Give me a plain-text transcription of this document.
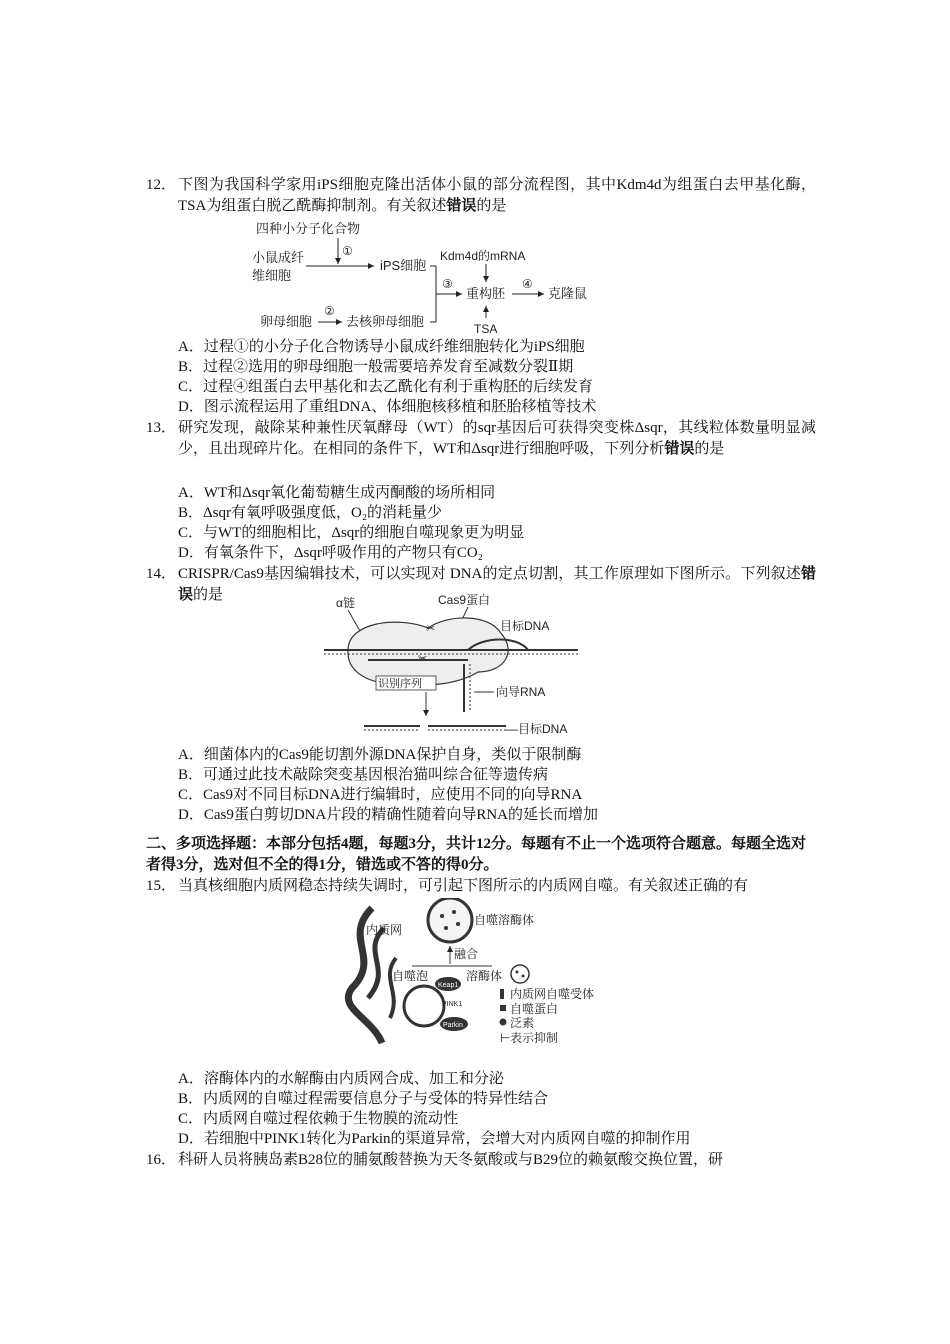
12． 下图为我国科学家用iPS细胞克隆出活体小鼠的部分流程图，其中Kdm4d为组蛋白去甲基化酶，TSA为组蛋白脱乙酰酶抑制剂。有关叙述错误的是
四种小分子化合物
①
小鼠成纤
维细胞
iPS细胞
③
Kdm4d的mRNA
重构胚
④
克隆鼠
TSA
卵母细胞
②
去核卵母细胞
A．过程①的小分子化合物诱导小鼠成纤维细胞转化为iPS细胞
B．过程②选用的卵母细胞一般需要培养发育至减数分裂Ⅱ期
C．过程④组蛋白去甲基化和去乙酰化有利于重构胚的后续发育
D．图示流程运用了重组DNA、体细胞核移植和胚胎移植等技术
13． 研究发现，敲除某种兼性厌氧酵母（WT）的sqr基因后可获得突变株Δsqr，其线粒体数量明显减少，且出现碎片化。在相同的条件下，WT和Δsqr进行细胞呼吸，下列分析错误的是
A．WT和Δsqr氧化葡萄糖生成丙酮酸的场所相同
B．Δsqr有氧呼吸强度低，O₂的消耗量少
C．与WT的细胞相比，Δsqr的细胞自噬现象更为明显
D．有氧条件下，Δsqr呼吸作用的产物只有CO₂
14． CRISPR/Cas9基因编辑技术，可以实现对 DNA的定点切割，其工作原理如下图所示。下列叙述错误的是	α链	Cas9蛋白
✂
✂
目标DNA
识别序列
向导RNA
—目标DNA
A．细菌体内的Cas9能切割外源DNA保护自身，类似于限制酶
B．可通过此技术敲除突变基因根治猫叫综合征等遗传病
C．Cas9对不同目标DNA进行编辑时，应使用不同的向导RNA
D．Cas9蛋白剪切DNA片段的精确性随着向导RNA的延长而增加
二、多项选择题：本部分包括4题，每题3分，共计12分。每题有不止一个选项符合题意。每题全选对者得3分，选对但不全的得1分，错选或不答的得0分。
15． 当真核细胞内质网稳态持续失调时，可引起下图所示的内质网自噬。有关叙述正确的有
内质网
自噬溶酶体
融合
自噬泡	溶酶体
Keap1
PINK1
Parkin
内质网自噬受体
自噬蛋白
泛素
⊢ 表示抑制
A．溶酶体内的水解酶由内质网合成、加工和分泌
B．内质网的自噬过程需要信息分子与受体的特异性结合
C．内质网自噬过程依赖于生物膜的流动性
D．若细胞中PINK1转化为Parkin的渠道异常，会增大对内质网自噬的抑制作用
16． 科研人员将胰岛素B28位的脯氨酸替换为天冬氨酸或与B29位的赖氨酸交换位置，研
